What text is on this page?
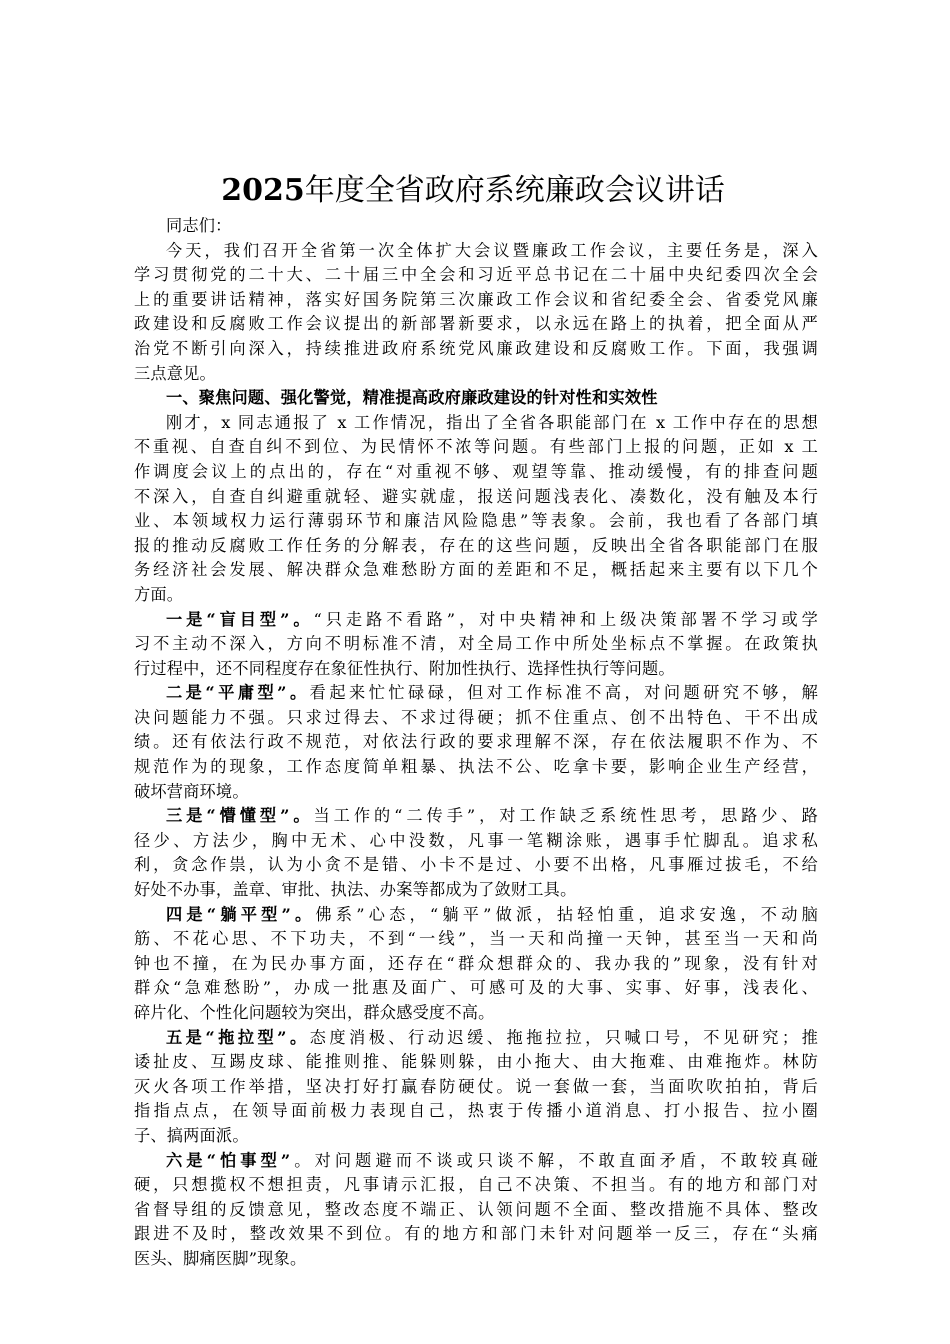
2025年度全省政府系统廉政会议讲话
同志们：
今天，我们召开全省第一次全体扩大会议暨廉政工作会议，主要任务是，深入
学习贯彻党的二十大、二十届三中全会和习近平总书记在二十届中央纪委四次全会
上的重要讲话精神，落实好国务院第三次廉政工作会议和省纪委全会、省委党风廉
政建设和反腐败工作会议提出的新部署新要求，以永远在路上的执着，把全面从严
治党不断引向深入，持续推进政府系统党风廉政建设和反腐败工作。下面，我强调
三点意见。
一、聚焦问题、强化警觉，精准提高政府廉政建设的针对性和实效性
刚才，x 同志通报了 x 工作情况，指出了全省各职能部门在 x 工作中存在的思想
不重视、自查自纠不到位、为民情怀不浓等问题。有些部门上报的问题，正如 x 工
作调度会议上的点出的，存在“对重视不够、观望等靠、推动缓慢，有的排查问题
不深入，自查自纠避重就轻、避实就虚，报送问题浅表化、凑数化，没有触及本行
业、本领域权力运行薄弱环节和廉洁风险隐患”等表象。会前，我也看了各部门填
报的推动反腐败工作任务的分解表，存在的这些问题，反映出全省各职能部门在服
务经济社会发展、解决群众急难愁盼方面的差距和不足，概括起来主要有以下几个
方面。
一是“盲目型”。“只走路不看路”，对中央精神和上级决策部署不学习或学
习不主动不深入，方向不明标准不清，对全局工作中所处坐标点不掌握。在政策执
行过程中，还不同程度存在象征性执行、附加性执行、选择性执行等问题。
二是“平庸型”。看起来忙忙碌碌，但对工作标准不高，对问题研究不够，解
决问题能力不强。只求过得去、不求过得硬；抓不住重点、创不出特色、干不出成
绩。还有依法行政不规范，对依法行政的要求理解不深，存在依法履职不作为、不
规范作为的现象，工作态度简单粗暴、执法不公、吃拿卡要，影响企业生产经营，
破坏营商环境。
三是“懵懂型”。当工作的“二传手”，对工作缺乏系统性思考，思路少、路
径少、方法少，胸中无术、心中没数，凡事一笔糊涂账，遇事手忙脚乱。追求私
利，贪念作祟，认为小贪不是错、小卡不是过、小要不出格，凡事雁过拔毛，不给
好处不办事，盖章、审批、执法、办案等都成为了敛财工具。
四是“躺平型”。佛系”心态，“躺平”做派，拈轻怕重，追求安逸，不动脑
筋、不花心思、不下功夫，不到“一线”，当一天和尚撞一天钟，甚至当一天和尚
钟也不撞，在为民办事方面，还存在“群众想群众的、我办我的”现象，没有针对
群众“急难愁盼”，办成一批惠及面广、可感可及的大事、实事、好事，浅表化、
碎片化、个性化问题较为突出，群众感受度不高。
五是“拖拉型”。态度消极、行动迟缓、拖拖拉拉，只喊口号，不见研究；推
诿扯皮、互踢皮球、能推则推、能躲则躲，由小拖大、由大拖难、由难拖炸。林防
灭火各项工作举措，坚决打好打赢春防硬仗。说一套做一套，当面吹吹拍拍，背后
指指点点，在领导面前极力表现自己，热衷于传播小道消息、打小报告、拉小圈
子、搞两面派。
六是“怕事型”。对问题避而不谈或只谈不解，不敢直面矛盾，不敢较真碰
硬，只想揽权不想担责，凡事请示汇报，自己不决策、不担当。有的地方和部门对
省督导组的反馈意见，整改态度不端正、认领问题不全面、整改措施不具体、整改
跟进不及时，整改效果不到位。有的地方和部门未针对问题举一反三，存在“头痛
医头、脚痛医脚”现象。
